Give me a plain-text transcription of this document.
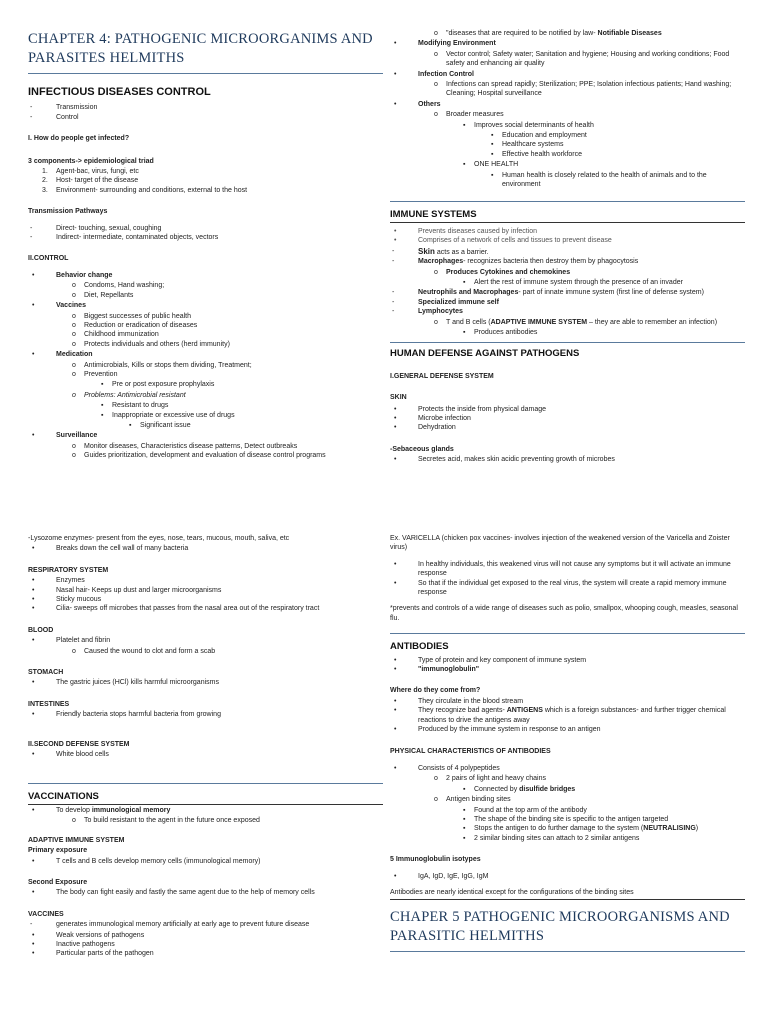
CHAPTER 4: PATHOGENIC MICROORGANIMS AND PARASITES HELMITHS

INFECTIOUS DISEASES CONTROL

- Transmission
- Control

I. How do people get infected?

3 components-> epidemiological triad

1. Agent-bac, virus, fungi, etc
2. Host- target of the disease
3. Environment- surrounding and conditions, external to the host

Transmission Pathways

- Direct- touching, sexual, coughing
- Indirect- intermediate, contaminated objects, vectors

II.CONTROL

• Behavior change
o Condoms, Hand washing;
o Diet, Repellants
• Vaccines
o Biggest successes of public health
o Reduction or eradication of diseases
o Childhood immunization
o Protects individuals and others (herd immunity)
• Medication
o Antimicrobials, Kills or stops them dividing, Treatment;
o Prevention
▪ Pre or post exposure prophylaxis
o Problems: Antimicrobial resistant
▪ Resistant to drugs
▪ Inappropriate or excessive use of drugs
▪ Significant issue
• Surveillance
o Monitor diseases, Characteristics disease patterns, Detect outbreaks
o Guides prioritization, development and evaluation of disease control programs
o "diseases that are required to be notified by law- Notifiable Diseases
• Modifying Environment
o Vector control; Safety water; Sanitation and hygiene; Housing and working conditions; Food safety and enhancing air quality
• Infection Control
o Infections can spread rapidly; Sterilization; PPE; Isolation infectious patients; Hand washing; Cleaning; Hospital surveillance
• Others
o Broader measures
▪ Improves social determinants of health
▪ Education and employment
▪ Healthcare systems
▪ Effective health workforce
▪ ONE HEALTH
▪ Human health is closely related to the health of animals and to the environment

IMMUNE SYSTEMS

• Prevents diseases caused by infection
• Comprises of a network of cells and tissues to prevent disease
- Skin acts as a barrier.
- Macrophages- recognizes bacteria then destroy them by phagocytosis
o Produces Cytokines and chemokines
▪ Alert the rest of immune system through the presence of an invader
- Neutrophils and Macrophages- part of innate immune system (first line of defense system)
- Specialized immune self
- Lymphocytes
o T and B cells (ADAPTIVE IMMUNE SYSTEM – they are able to remember an infection)
▪ Produces antibodies

HUMAN DEFENSE AGAINST PATHOGENS

I.GENERAL DEFENSE SYSTEM

SKIN

• Protects the inside from physical damage
• Microbe infection
• Dehydration

-Sebaceous glands

• Secretes acid, makes skin acidic preventing growth of microbes

-Lysozome enzymes- present from the eyes, nose, tears, mucous, mouth, saliva, etc

• Breaks down the cell wall of many bacteria

RESPIRATORY SYSTEM

• Enzymes
• Nasal hair- Keeps up dust and larger microorganisms
• Sticky mucous
• Cilia- sweeps off microbes that passes from the nasal area out of the respiratory tract

BLOOD

• Platelet and fibrin
o Caused the wound to clot and form a scab

STOMACH

• The gastric juices (HCl) kills harmful microorganisms

INTESTINES

• Friendly bacteria stops harmful bacteria from growing

II.SECOND DEFENSE SYSTEM

• White blood cells

VACCINATIONS

• To develop immunological memory
o To build resistant to the agent in the future once exposed

ADAPTIVE IMMUNE SYSTEM

Primary exposure

• T cells and B cells develop memory cells (immunological memory)

Second Exposure

• The body can fight easily and fastly the same agent due to the help of memory cells

VACCINES

- generates immunological memory artificially at early age to prevent future disease
• Weak versions of pathogens
• Inactive pathogens
• Particular parts of the pathogen

Ex. VARICELLA (chicken pox vaccines- involves injection of the weakened version of the Varicella and Zoister virus)

• In healthy individuals, this weakened virus will not cause any symptoms but it will activate an immune response
• So that if the individual get exposed to the real virus, the system will create a rapid memory immune response

*prevents and controls of a wide range of diseases such as polio, smallpox, whooping cough, measles, seasonal flu.

ANTIBODIES

• Type of protein and key component of immune system
• "immunoglobulin"

Where do they come from?

• They circulate in the blood stream
• They recognize bad agents- ANTIGENS which is a foreign substances- and further trigger chemical reactions to drive the antigens away
• Produced by the immune system in response to an antigen

PHYSICAL CHARACTERISTICS OF ANTIBODIES

• Consists of 4 polypeptides
o 2 pairs of light and heavy chains
▪ Connected by disulfide bridges
o Antigen binding sites
▪ Found at the top arm of the antibody
▪ The shape of the binding site is specific to the antigen targeted
▪ Stops the antigen to do further damage to the system (NEUTRALISING)
▪ 2 similar binding sites can attach to 2 similar antigens

5 Immunoglobulin isotypes

• IgA, IgD, IgE, IgG, IgM

Antibodies are nearly identical except for the configurations of the binding sites

CHAPER 5 PATHOGENIC MICROORGANISMS AND PARASITIC HELMITHS
